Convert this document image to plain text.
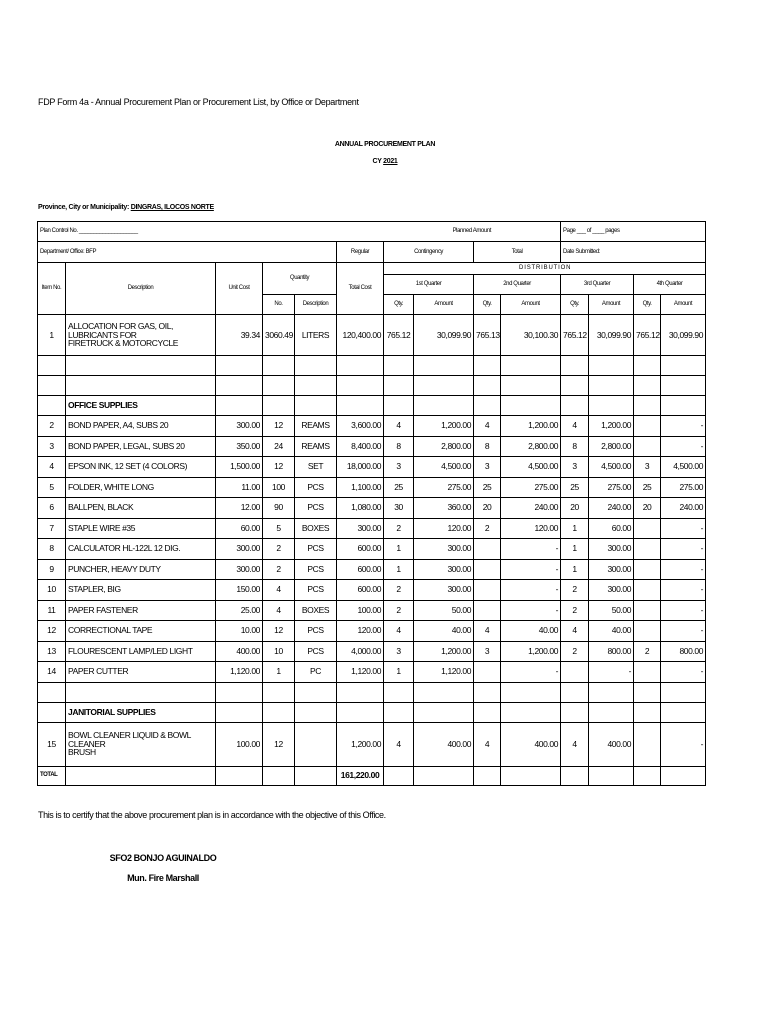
FDP Form 4a - Annual Procurement Plan or Procurement List, by Office or Department
ANNUAL PROCUREMENT PLAN
CY 2021
Province, City or Municipality: DINGRAS, ILOCOS NORTE
Plan Control No. ____________________						Planned Amount				Page ___ of ____ pages			
Department/ Office: BFP					Regular	Contingency		Total		Date Submitted:			
Item No.	Description	Unit Cost	Quantity		Total Cost	D I S T R I B U T I O N							
						1st Quarter		2nd Quarter		3rd Quarter		4th Quarter	
			No.	Description		Qty.	Amount	Qty.	Amount	Qty.	Amount	Qty.	Amount
1	ALLOCATION FOR GAS, OIL, LUBRICANTS FOR
FIRETRUCK & MOTORCYCLE	39.34	3060.49	LITERS	120,400.00	765.12	30,099.90	765.13	30,100.30	765.12	30,099.90	765.12	30,099.90

	OFFICE SUPPLIES												
2	BOND PAPER, A4, SUBS 20	300.00	12	REAMS	3,600.00	4	1,200.00	4	1,200.00	4	1,200.00		-
3	BOND PAPER, LEGAL, SUBS 20	350.00	24	REAMS	8,400.00	8	2,800.00	8	2,800.00	8	2,800.00		-
4	EPSON INK, 12 SET (4 COLORS)	1,500.00	12	SET	18,000.00	3	4,500.00	3	4,500.00	3	4,500.00	3	4,500.00
5	FOLDER, WHITE LONG	11.00	100	PCS	1,100.00	25	275.00	25	275.00	25	275.00	25	275.00
6	BALLPEN, BLACK	12.00	90	PCS	1,080.00	30	360.00	20	240.00	20	240.00	20	240.00
7	STAPLE WIRE #35	60.00	5	BOXES	300.00	2	120.00	2	120.00	1	60.00		-
8	CALCULATOR HL-122L 12 DIG.	300.00	2	PCS	600.00	1	300.00		-	1	300.00		-
9	PUNCHER, HEAVY DUTY	300.00	2	PCS	600.00	1	300.00		-	1	300.00		-
10	STAPLER, BIG	150.00	4	PCS	600.00	2	300.00		-	2	300.00		-
11	PAPER FASTENER	25.00	4	BOXES	100.00	2	50.00		-	2	50.00		-
12	CORRECTIONAL TAPE	10.00	12	PCS	120.00	4	40.00	4	40.00	4	40.00		-
13	FLOURESCENT LAMP/LED LIGHT	400.00	10	PCS	4,000.00	3	1,200.00	3	1,200.00	2	800.00	2	800.00
14	PAPER CUTTER	1,120.00	1	PC	1,120.00	1	1,120.00		-		-		-

	JANITORIAL SUPPLIES												
15	BOWL CLEANER LIQUID & BOWL CLEANER
BRUSH	100.00	12		1,200.00	4	400.00	4	400.00	4	400.00		-
TOTAL					161,220.00								
This is to certify that the above procurement plan is in accordance with the objective of this Office.
SFO2 BONJO AGUINALDO
Mun. Fire Marshall
